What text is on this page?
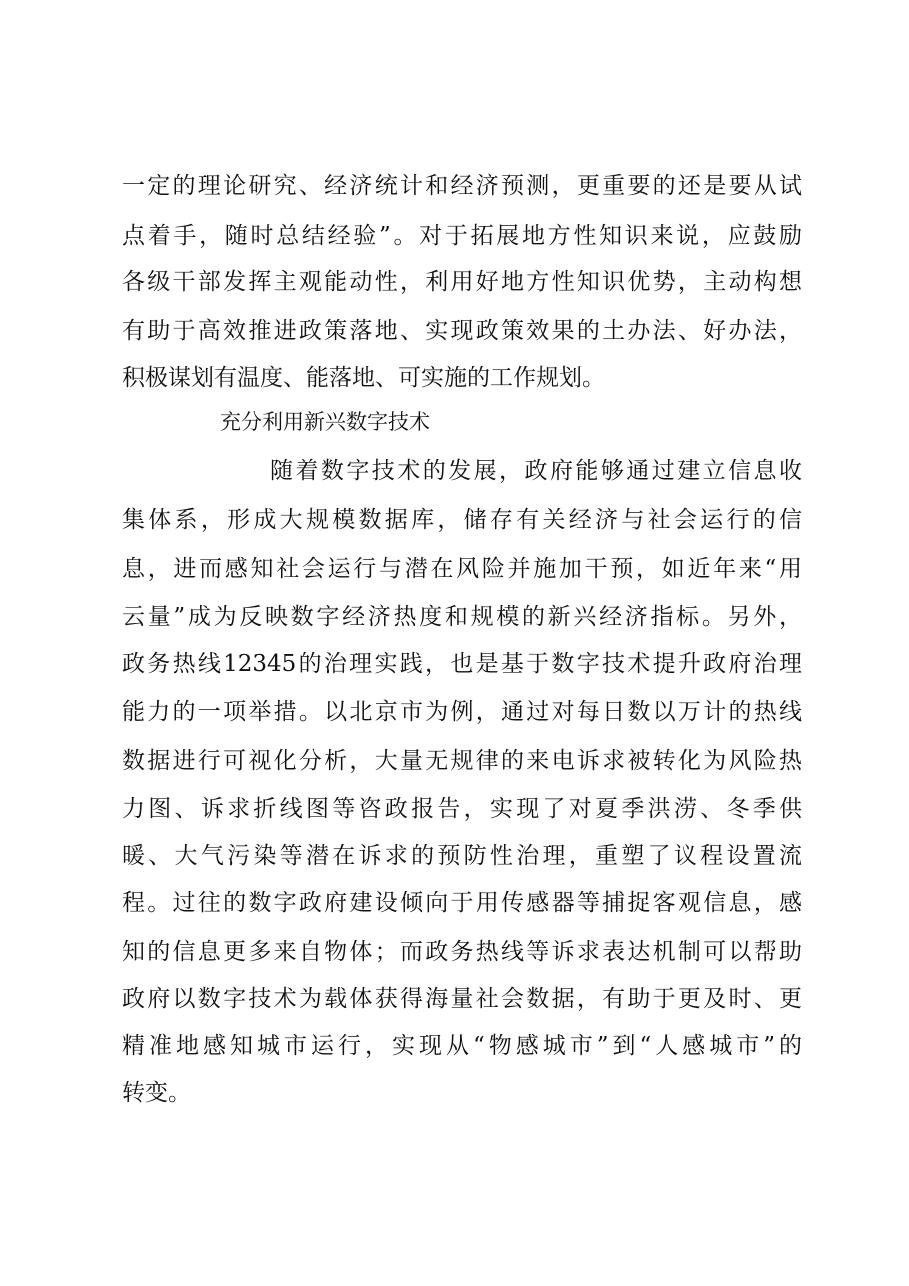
一定的理论研究、经济统计和经济预测，更重要的还是要从试
点着手，随时总结经验”。对于拓展地方性知识来说，应鼓励
各级干部发挥主观能动性，利用好地方性知识优势，主动构想
有助于高效推进政策落地、实现政策效果的土办法、好办法，
积极谋划有温度、能落地、可实施的工作规划。
充分利用新兴数字技术
随着数字技术的发展，政府能够通过建立信息收
集体系，形成大规模数据库，储存有关经济与社会运行的信
息，进而感知社会运行与潜在风险并施加干预，如近年来“用
云量”成为反映数字经济热度和规模的新兴经济指标。另外，
政务热线12345的治理实践，也是基于数字技术提升政府治理
能力的一项举措。以北京市为例，通过对每日数以万计的热线
数据进行可视化分析，大量无规律的来电诉求被转化为风险热
力图、诉求折线图等咨政报告，实现了对夏季洪涝、冬季供
暖、大气污染等潜在诉求的预防性治理，重塑了议程设置流
程。过往的数字政府建设倾向于用传感器等捕捉客观信息，感
知的信息更多来自物体；而政务热线等诉求表达机制可以帮助
政府以数字技术为载体获得海量社会数据，有助于更及时、更
精准地感知城市运行，实现从“物感城市”到“人感城市”的
转变。
